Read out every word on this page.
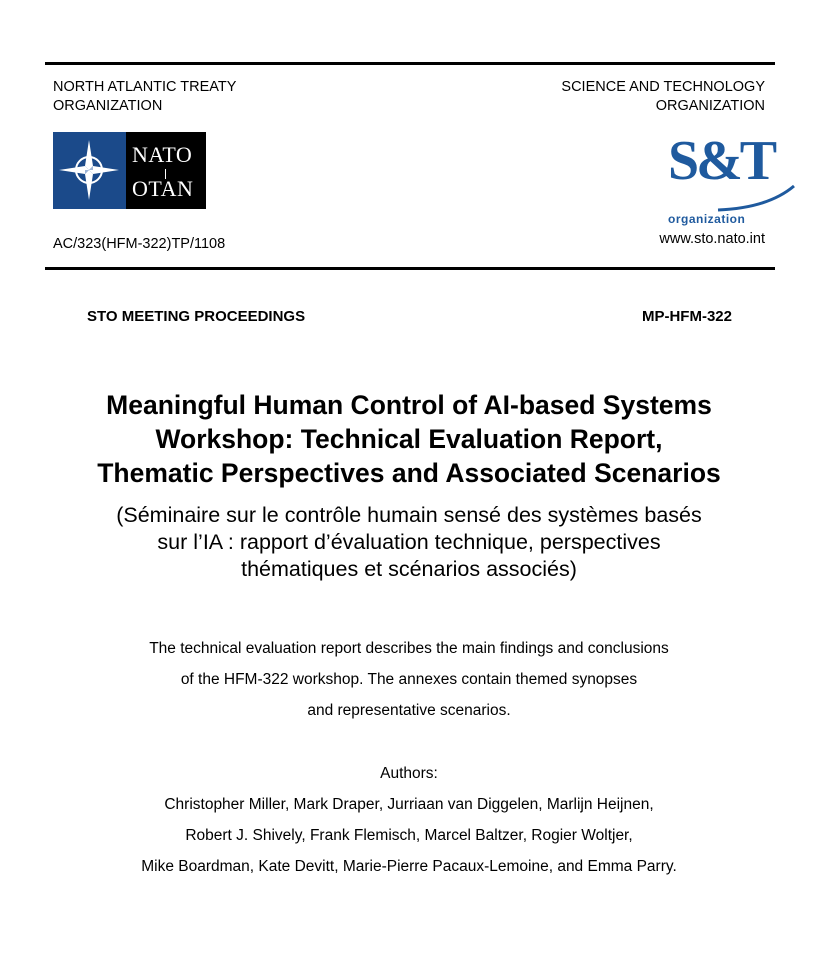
NORTH ATLANTIC TREATY
ORGANIZATION
SCIENCE AND TECHNOLOGY
ORGANIZATION
NATO
OTAN	S&T
organization
AC/323(HFM-322)TP/1108	www.sto.nato.int
STO MEETING PROCEEDINGS	MP-HFM-322
Meaningful Human Control of AI-based Systems
Workshop: Technical Evaluation Report,
Thematic Perspectives and Associated Scenarios
(Séminaire sur le contrôle humain sensé des systèmes basés
sur l’IA : rapport d’évaluation technique, perspectives
thématiques et scénarios associés)
The technical evaluation report describes the main findings and conclusions
of the HFM-322 workshop. The annexes contain themed synopses
and representative scenarios.
Authors:
Christopher Miller, Mark Draper, Jurriaan van Diggelen, Marlijn Heijnen,
Robert J. Shively, Frank Flemisch, Marcel Baltzer, Rogier Woltjer,
Mike Boardman, Kate Devitt, Marie-Pierre Pacaux-Lemoine, and Emma Parry.
